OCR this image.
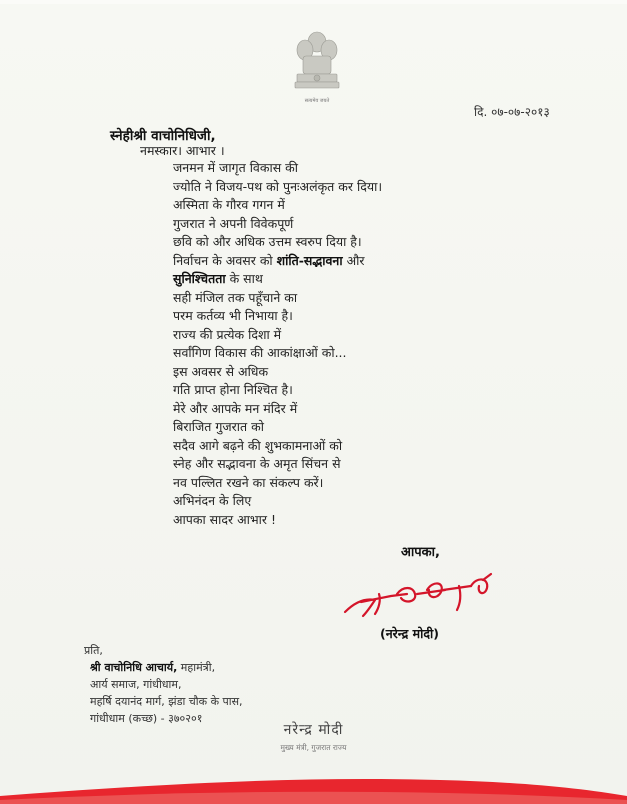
सत्यमेव जयते
दि. ०७-०७-२०१३
स्नेहीश्री वाचोनिधिजी,
नमस्कार। आभार ।
जनमन में जागृत विकास की
ज्योति ने विजय-पथ को पुनःअलंकृत कर दिया।
अस्मिता के गौरव गगन में
गुजरात ने अपनी विवेकपूर्ण
छवि को और अधिक उत्तम स्वरुप दिया है।
निर्वाचन के अवसर को शांति-सद्भावना और
सुनिश्चितता के साथ
सही मंजिल तक पहूँचाने का
परम कर्तव्य भी निभाया है।
राज्य की प्रत्येक दिशा में
सर्वांगिण विकास की आकांक्षाओं को...
इस अवसर से अधिक
गति प्राप्त होना निश्चित है।
मेरे और आपके मन मंदिर में
बिराजित गुजरात को
सदैव आगे बढ़ने की शुभकामनाओं को
स्नेह और सद्भावना के अमृत सिंचन से
नव पल्लित रखने का संकल्प करें।
अभिनंदन के लिए
आपका सादर आभार !
आपका,
(नरेन्द्र मोदी)
प्रति,
श्री वाचोनिधि आचार्य, महामंत्री,
आर्य समाज, गांधीधाम,
महर्षि दयानंद मार्ग, झंडा चौक के पास,
गांधीधाम (कच्छ) - ३७०२०१
नरेन्द्र मोदी
मुख्य मंत्री, गुजरात राज्य
